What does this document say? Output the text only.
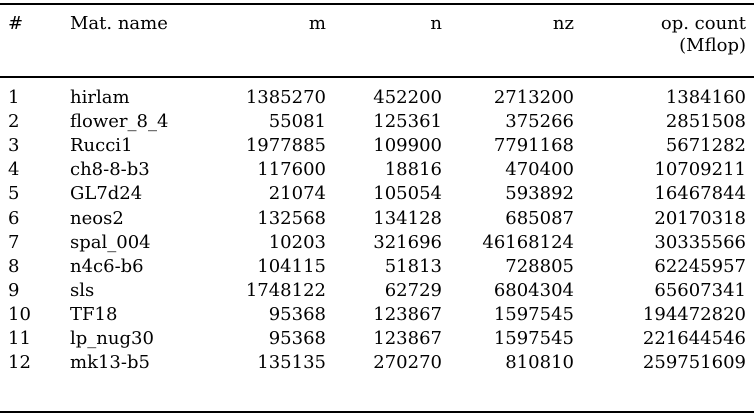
#	Mat. name	m	n	nz	op. count
(Mflop)

1	hirlam	1385270	452200	2713200	1384160
2	flower_8_4	55081	125361	375266	2851508
3	Rucci1	1977885	109900	7791168	5671282
4	ch8-8-b3	117600	18816	470400	10709211
5	GL7d24	21074	105054	593892	16467844
6	neos2	132568	134128	685087	20170318
7	spal_004	10203	321696	46168124	30335566
8	n4c6-b6	104115	51813	728805	62245957
9	sls	1748122	62729	6804304	65607341
10	TF18	95368	123867	1597545	194472820
11	lp_nug30	95368	123867	1597545	221644546
12	mk13-b5	135135	270270	810810	259751609
